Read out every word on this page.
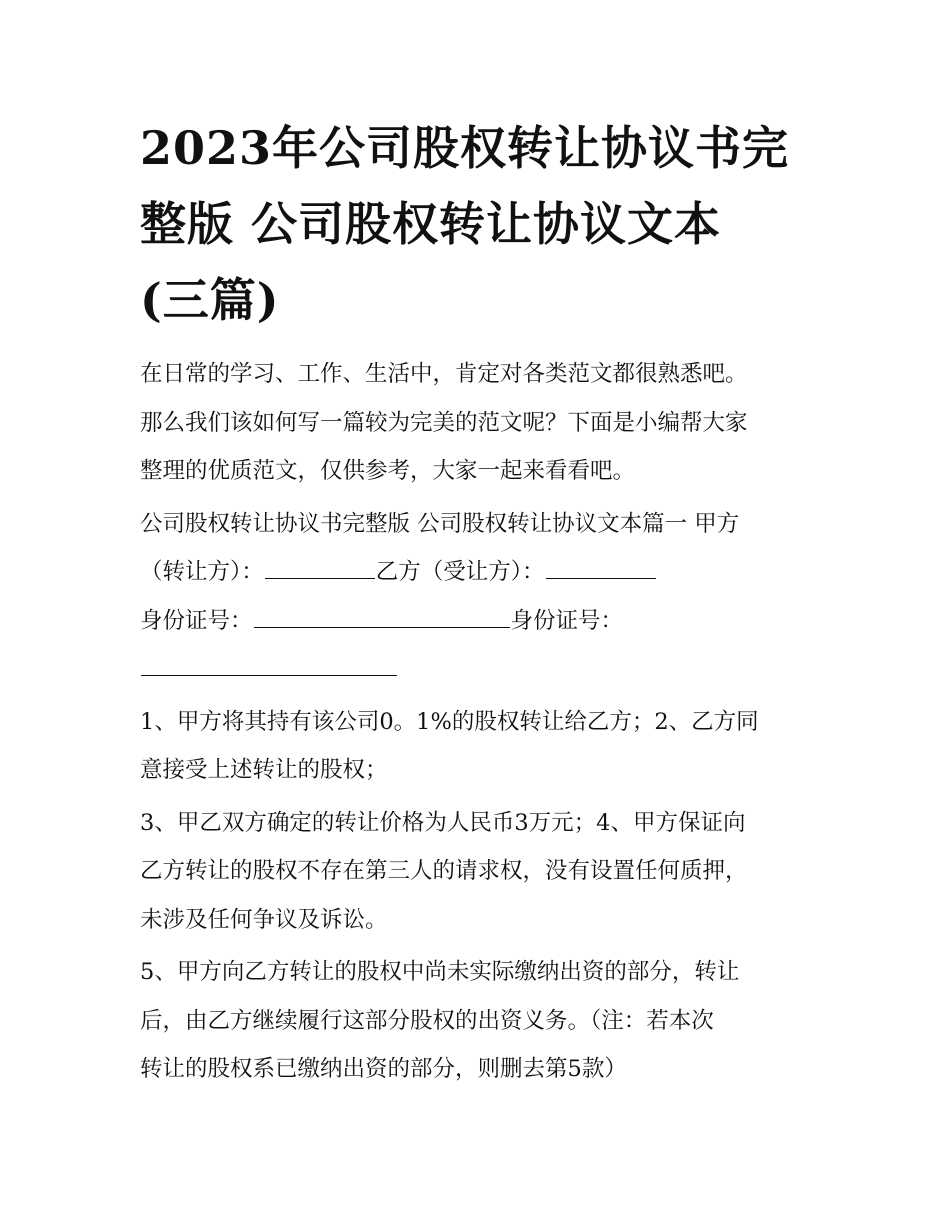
2023年公司股权转让协议书完
整版 公司股权转让协议文本
(三篇)

在日常的学习、工作、生活中，肯定对各类范文都很熟悉吧。
那么我们该如何写一篇较为完美的范文呢？下面是小编帮大家
整理的优质范文，仅供参考，大家一起来看看吧。

公司股权转让协议书完整版 公司股权转让协议文本篇一 甲方
（转让方）：	乙方（受让方）：
身份证号：	身份证号：

1、甲方将其持有该公司0。1%的股权转让给乙方；2、乙方同
意接受上述转让的股权；

3、甲乙双方确定的转让价格为人民币3万元；4、甲方保证向
乙方转让的股权不存在第三人的请求权，没有设置任何质押，
未涉及任何争议及诉讼。

5、甲方向乙方转让的股权中尚未实际缴纳出资的部分，转让
后，由乙方继续履行这部分股权的出资义务。（注：若本次
转让的股权系已缴纳出资的部分，则删去第5款）
